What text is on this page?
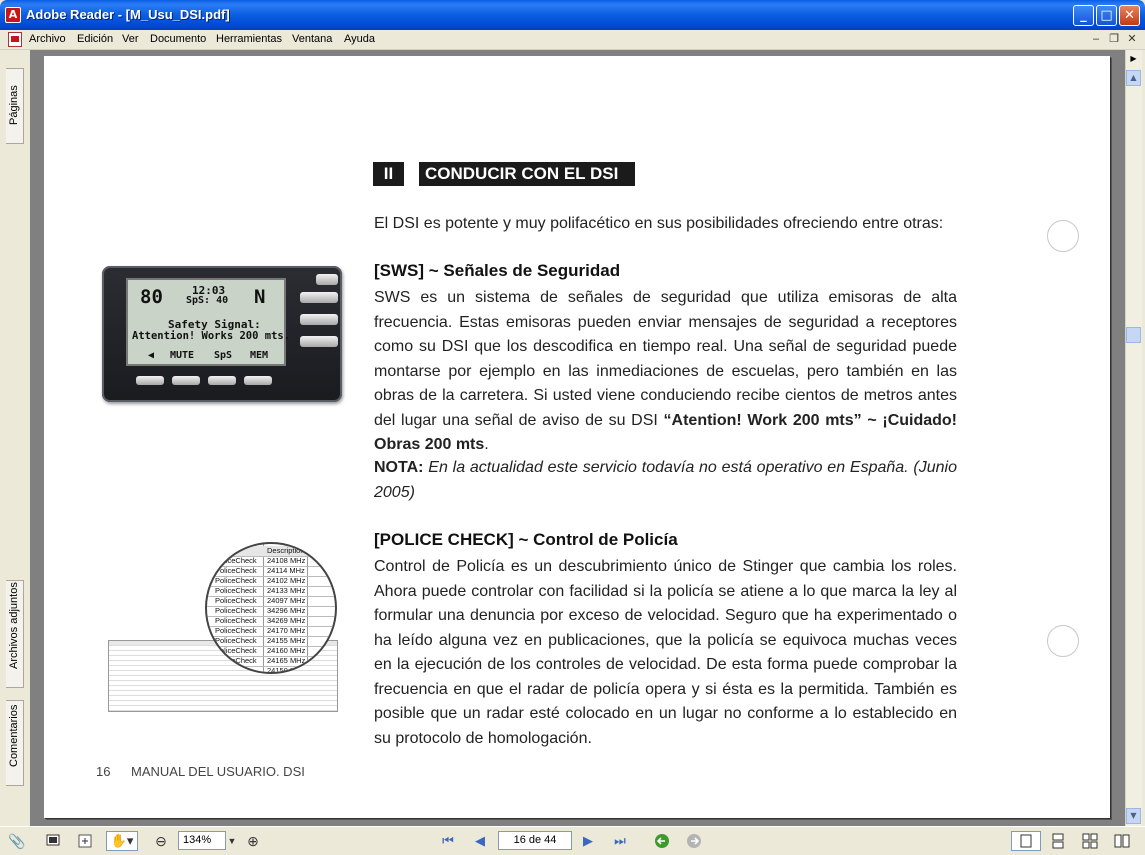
A Adobe Reader - [M_Usu_DSI.pdf]	_	□ ✕
Archivo Edición Ver Documento Herramientas Ventana Ayuda	– ❐ ✕
Páginas
Archivos adjuntos
Comentarios
II	CONDUCIR CON EL DSI
El DSI es potente y muy polifacético en sus posibilidades ofreciendo entre otras:
[SWS] ~ Señales de Seguridad
SWS es un sistema de señales de seguridad que utiliza emisoras de alta frecuencia. Estas emisoras pueden enviar mensajes de seguridad a receptores como su DSI que los descodifica en tiempo real. Una señal de seguridad puede montarse por ejemplo en las inmediaciones de escuelas, pero también en las obras de la carretera. Si usted viene conduciendo recibe cientos de metros antes del lugar una señal de aviso de su DSI “Atention! Work 200 mts” ~ ¡Cuidado! Obras 200 mts.
NOTA: En la actualidad este servicio todavía no está operativo en España. (Junio 2005)
[POLICE CHECK] ~ Control de Policía
Control de Policía es un descubrimiento único de Stinger que cambia los roles. Ahora puede controlar con facilidad si la policía se atiene a lo que marca la ley al formular una denuncia por exceso de velocidad. Seguro que ha experimentado o ha leído alguna vez en publicaciones, que la policía se equivoca muchas veces en la ejecución de los controles de velocidad. De esta forma puede comprobar la frecuencia en que el radar de policía opera y si ésta es la permitida. También es posible que un radar esté colocado en un lugar no conforme a lo establecido en su protocolo de homologación.
16 MANUAL DEL USUARIO. DSI
80	12:03
SpS: 40 N
Safety Signal:
Attention! Works 200 mts.
◀ MUTE SpS MEM
Description
PoliceCheck 24108 MHz
PoliceCheck 24114 MHz
PoliceCheck 24102 MHz
PoliceCheck 24133 MHz
PoliceCheck 24097 MHz
PoliceCheck 34296 MHz
PoliceCheck 34269 MHz
PoliceCheck 24170 MHz
PoliceCheck 24155 MHz
PoliceCheck 24160 MHz
PoliceCheck 24165 MHz
24150 MHz
▶
▲
▼
📎	✋▾	⊖	134%	▼ ⊕	⏮	◀	16 de 44	▶	⏭
